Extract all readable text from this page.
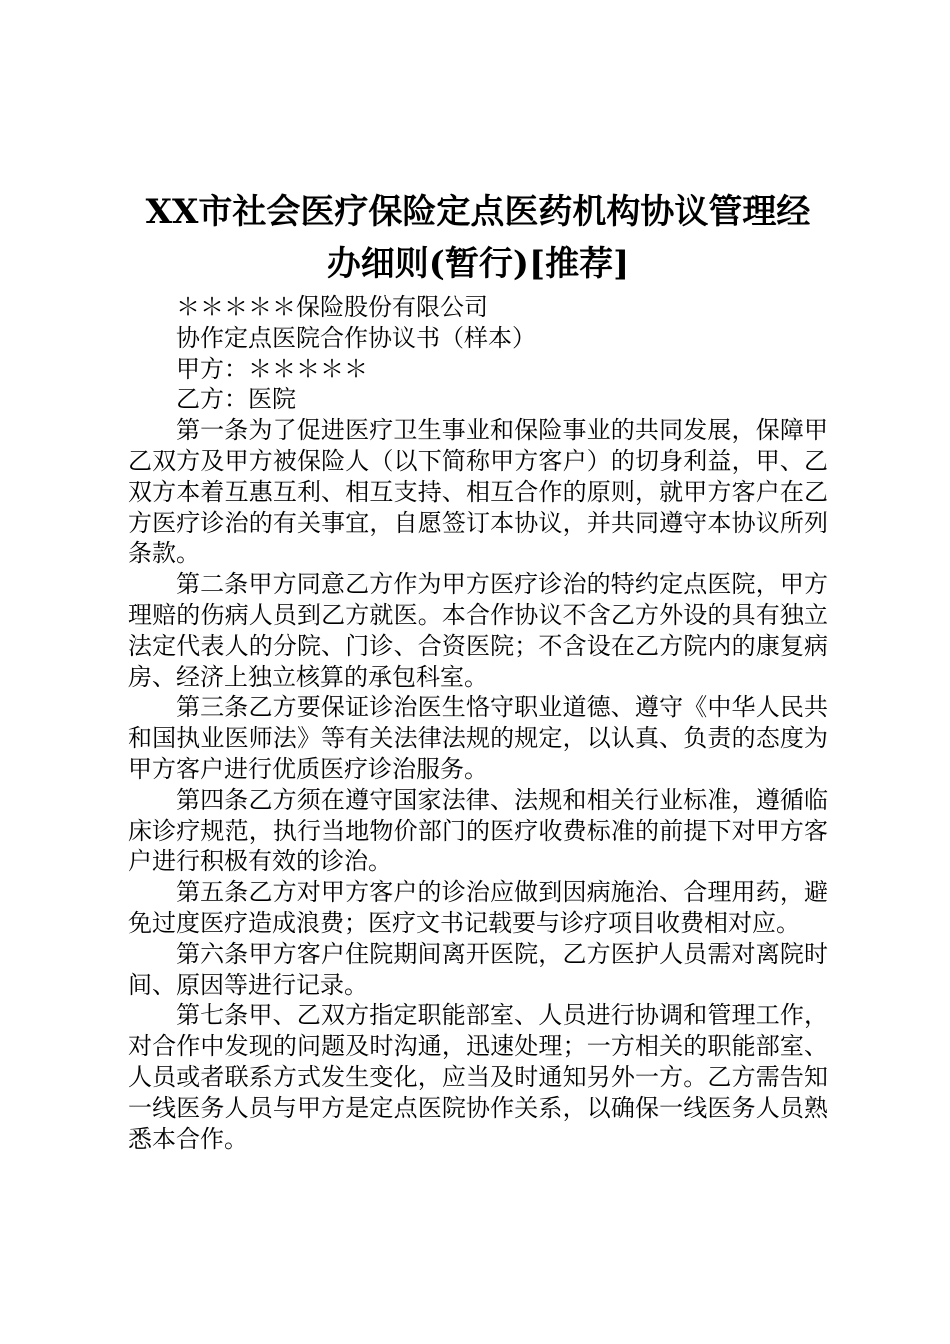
XX市社会医疗保险定点医药机构协议管理经
办细则(暂行)[推荐]

＊＊＊＊＊保险股份有限公司

协作定点医院合作协议书（样本）

甲方：＊＊＊＊＊

乙方：医院

第一条为了促进医疗卫生事业和保险事业的共同发展，保障甲乙双方及甲方被保险人（以下简称甲方客户）的切身利益，甲、乙双方本着互惠互利、相互支持、相互合作的原则，就甲方客户在乙方医疗诊治的有关事宜，自愿签订本协议，并共同遵守本协议所列条款。

第二条甲方同意乙方作为甲方医疗诊治的特约定点医院，甲方理赔的伤病人员到乙方就医。本合作协议不含乙方外设的具有独立法定代表人的分院、门诊、合资医院；不含设在乙方院内的康复病房、经济上独立核算的承包科室。

第三条乙方要保证诊治医生恪守职业道德、遵守《中华人民共和国执业医师法》等有关法律法规的规定，以认真、负责的态度为甲方客户进行优质医疗诊治服务。

第四条乙方须在遵守国家法律、法规和相关行业标准，遵循临床诊疗规范，执行当地物价部门的医疗收费标准的前提下对甲方客户进行积极有效的诊治。

第五条乙方对甲方客户的诊治应做到因病施治、合理用药，避免过度医疗造成浪费；医疗文书记载要与诊疗项目收费相对应。

第六条甲方客户住院期间离开医院，乙方医护人员需对离院时间、原因等进行记录。

第七条甲、乙双方指定职能部室、人员进行协调和管理工作，对合作中发现的问题及时沟通，迅速处理；一方相关的职能部室、人员或者联系方式发生变化，应当及时通知另外一方。乙方需告知一线医务人员与甲方是定点医院协作关系，以确保一线医务人员熟悉本合作。
